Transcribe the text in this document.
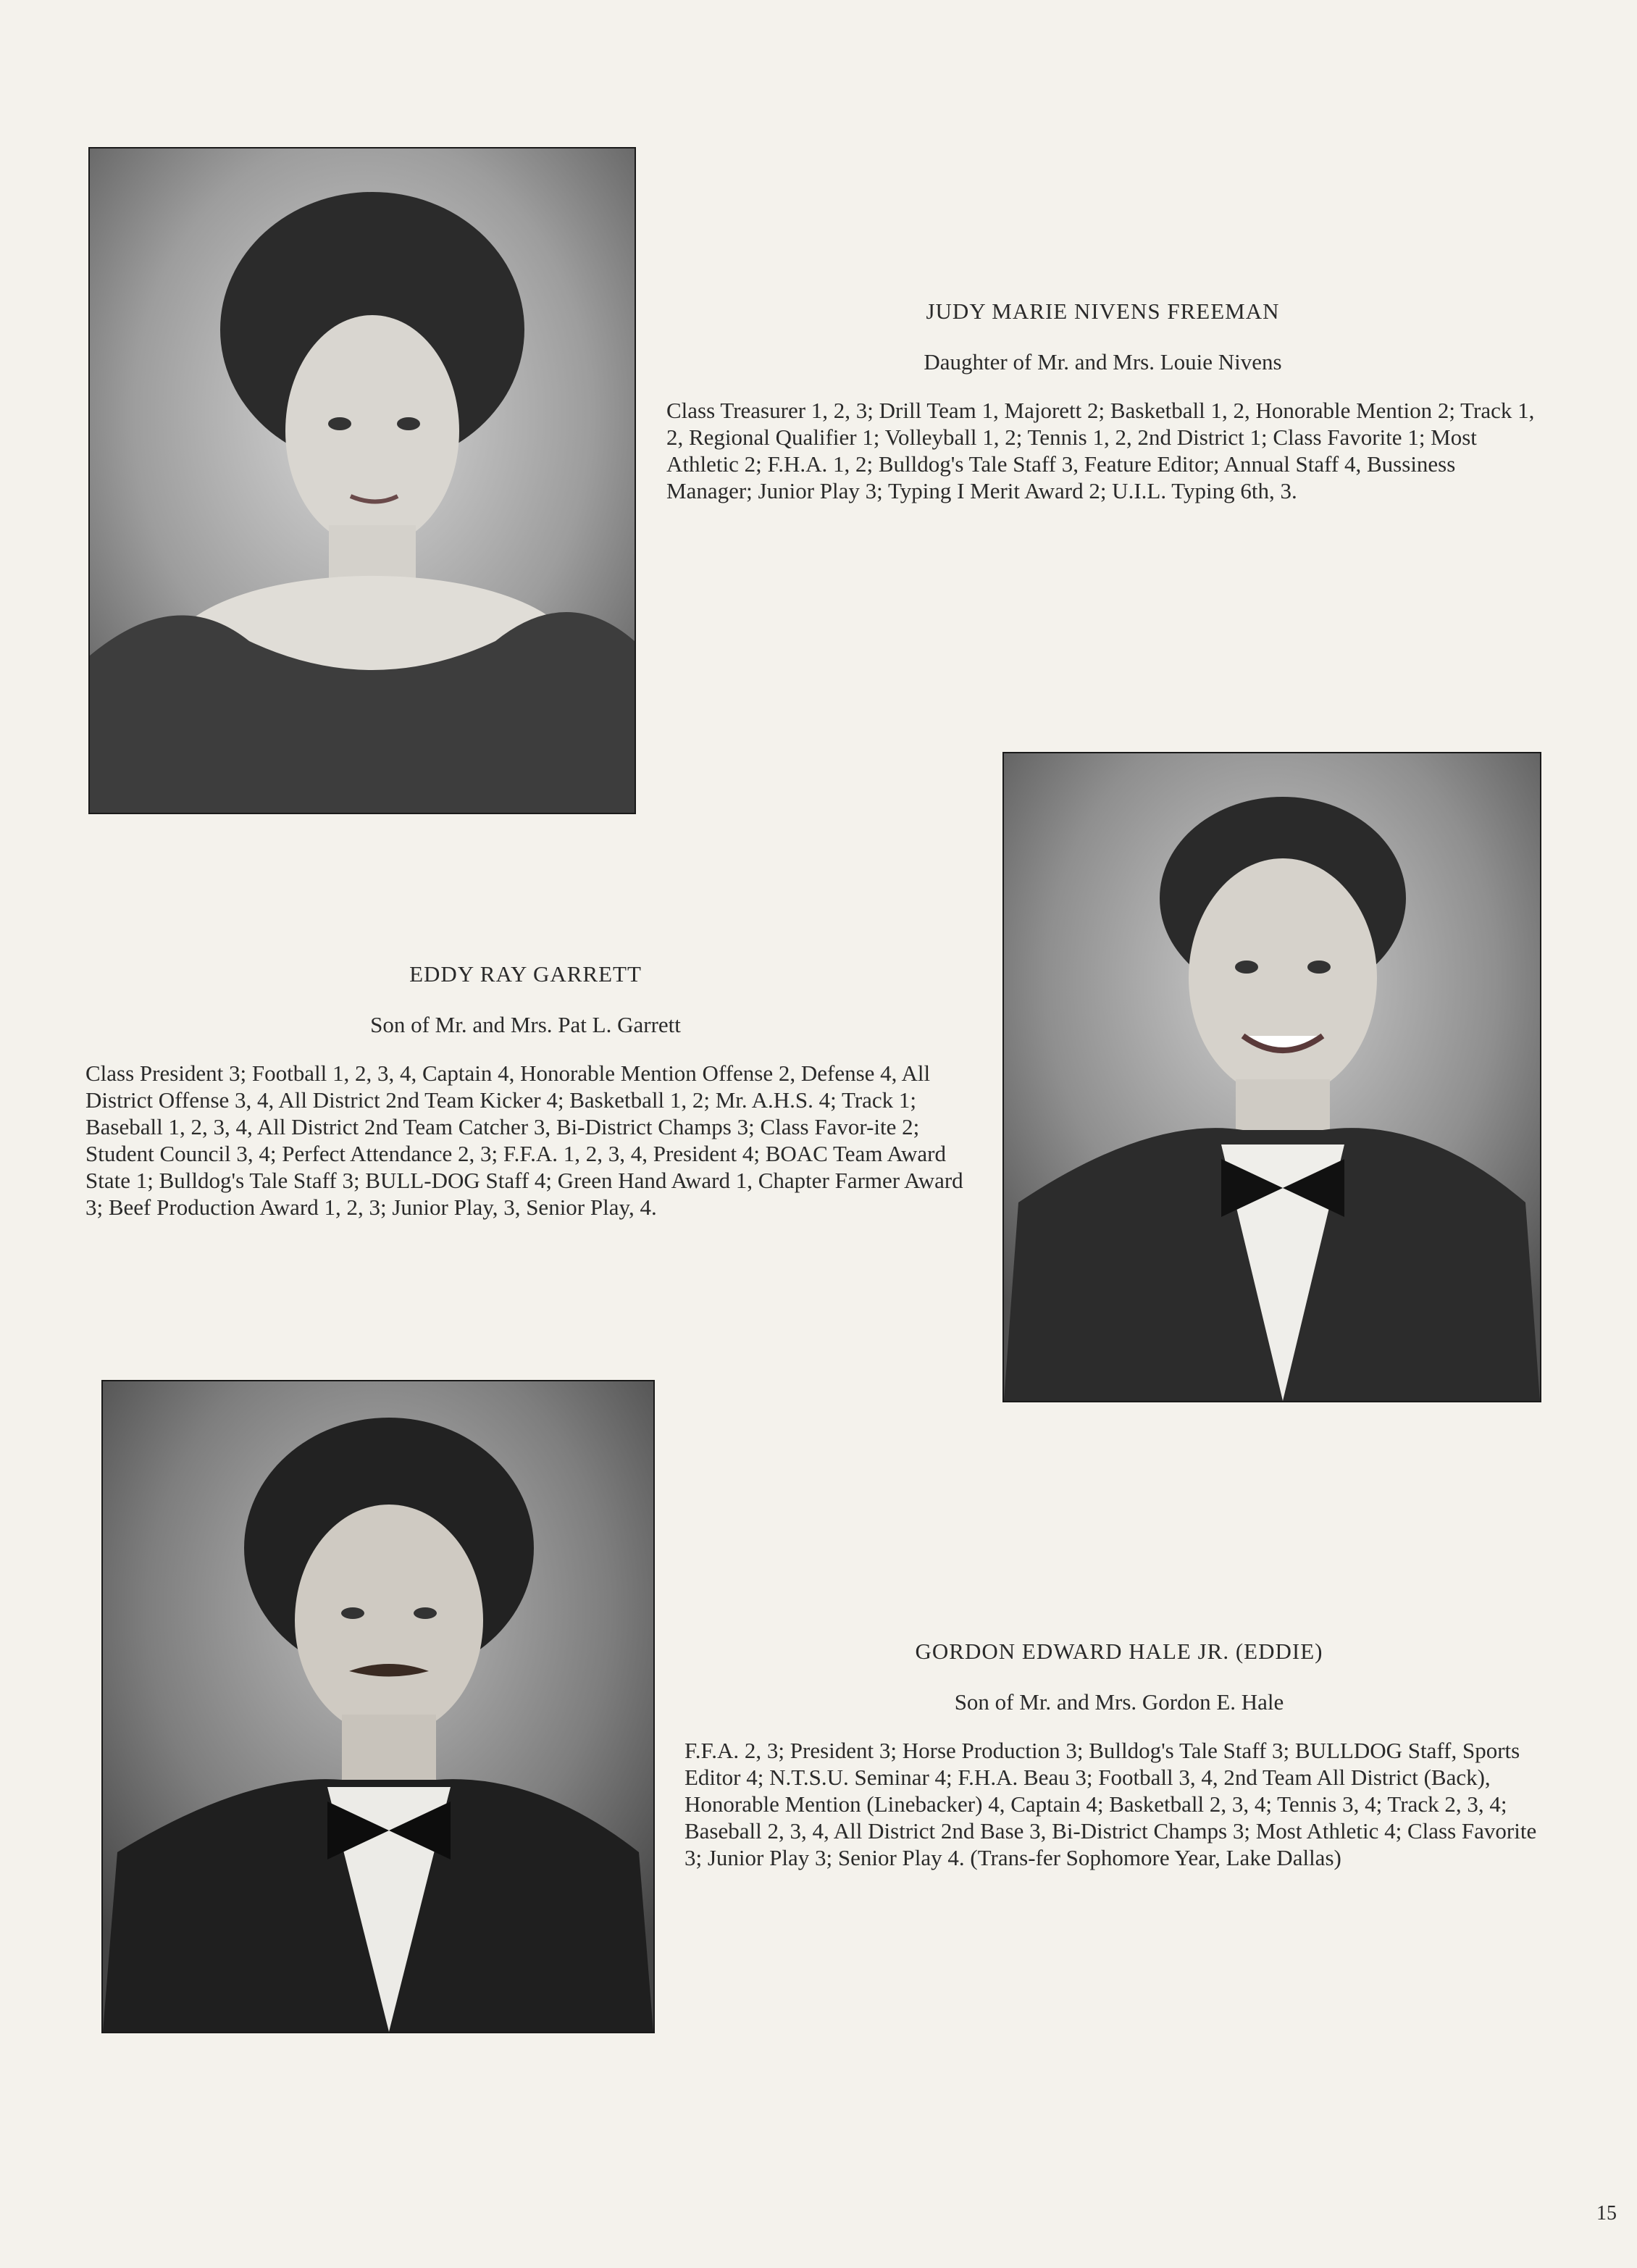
JUDY MARIE NIVENS FREEMAN

Daughter of Mr. and Mrs. Louie Nivens

Class Treasurer 1, 2, 3; Drill Team 1, Majorett 2; Basketball 1, 2, Honorable Mention 2; Track 1, 2, Regional Qualifier 1; Volleyball 1, 2; Tennis 1, 2, 2nd District 1; Class Favorite 1; Most Athletic 2; F.H.A. 1, 2; Bulldog's Tale Staff 3, Feature Editor; Annual Staff 4, Bussiness Manager; Junior Play 3; Typing I Merit Award 2; U.I.L. Typing 6th, 3.

EDDY RAY GARRETT

Son of Mr. and Mrs. Pat L. Garrett

Class President 3; Football 1, 2, 3, 4, Captain 4, Honorable Mention Offense 2, Defense 4, All District Offense 3, 4, All District 2nd Team Kicker 4; Basketball 1, 2; Mr. A.H.S. 4; Track 1; Baseball 1, 2, 3, 4, All District 2nd Team Catcher 3, Bi-District Champs 3; Class Favor-ite 2; Student Council 3, 4; Perfect Attendance 2, 3; F.F.A. 1, 2, 3, 4, President 4; BOAC Team Award State 1; Bulldog's Tale Staff 3; BULL-DOG Staff 4; Green Hand Award 1, Chapter Farmer Award 3; Beef Production Award 1, 2, 3; Junior Play, 3, Senior Play, 4.

GORDON EDWARD HALE JR. (EDDIE)

Son of Mr. and Mrs. Gordon E. Hale

F.F.A. 2, 3; President 3; Horse Production 3; Bulldog's Tale Staff 3; BULLDOG Staff, Sports Editor 4; N.T.S.U. Seminar 4; F.H.A. Beau 3; Football 3, 4, 2nd Team All District (Back), Honorable Mention (Linebacker) 4, Captain 4; Basketball 2, 3, 4; Tennis 3, 4; Track 2, 3, 4; Baseball 2, 3, 4, All District 2nd Base 3, Bi-District Champs 3; Most Athletic 4; Class Favorite 3; Junior Play 3; Senior Play 4. (Trans-fer Sophomore Year, Lake Dallas)

15
